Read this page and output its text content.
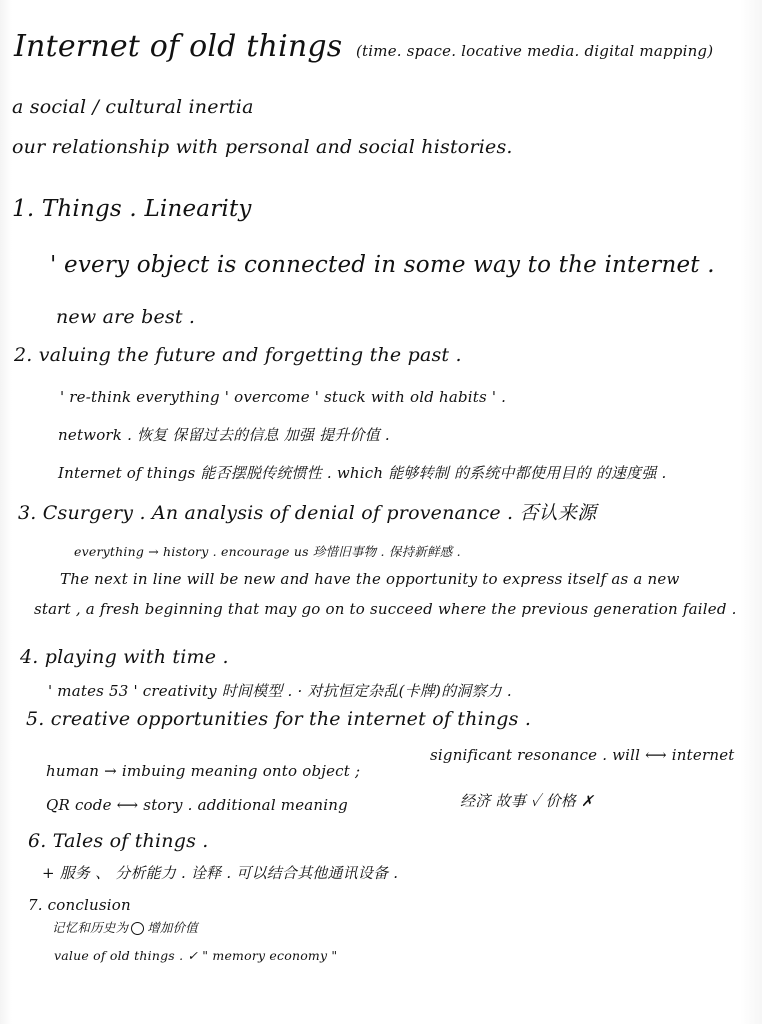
Internet of old things (time. space. locative media. digital mapping)
a social / cultural inertia
our relationship with personal and social histories.
1. Things . Linearity
' every object is connected in some way to the internet .
new are best .
2. valuing the future and forgetting the past .
' re-think everything ' overcome ' stuck with old habits ' .
network . 恢复 保留过去的信息 加强 提升价值 .
Internet of things 能否摆脱传统惯性 . which 能够转制 的系统中都使用目的 的速度强 .
3. Csurgery . An analysis of denial of provenance . 否认来源
everything → history . encourage us 珍惜旧事物 . 保持新鲜感 .
The next in line will be new and have the opportunity to express itself as a new
start , a fresh beginning that may go on to succeed where the previous generation failed .
4. playing with time .
' mates 53 ' creativity 时间模型 . · 对抗恒定杂乱(卡牌)的洞察力 .
5. creative opportunities for the internet of things .
human → imbuing meaning onto object ;
significant resonance . will ⟷ internet
QR code ⟷ story . additional meaning	经济 故事 ✓ 价格 ✗
6. Tales of things .
+ 服务 、 分析能力 . 诠释 . 可以结合其他通讯设备 .
7. conclusion
记忆和历史为 增加价值
value of old things . ✓ " memory economy "
